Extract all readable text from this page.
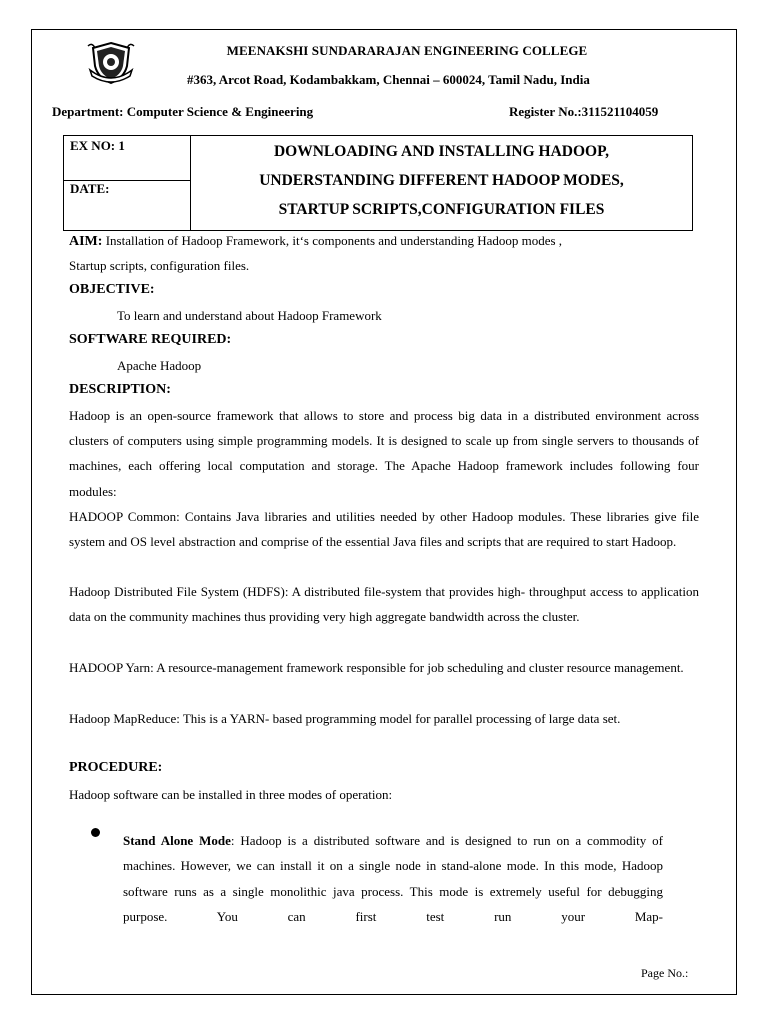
MEENAKSHI SUNDARARAJAN ENGINEERING COLLEGE
#363, Arcot Road, Kodambakkam, Chennai – 600024, Tamil Nadu, India
Department: Computer Science & Engineering	Register No.:311521104059
EX NO: 1
DATE:
DOWNLOADING AND INSTALLING HADOOP,
UNDERSTANDING DIFFERENT HADOOP MODES,
STARTUP SCRIPTS,CONFIGURATION FILES
AIM: Installation of Hadoop Framework, it‘s components and understanding Hadoop modes ,
Startup scripts, configuration files.
OBJECTIVE:
To learn and understand about Hadoop Framework
SOFTWARE REQUIRED:
Apache Hadoop
DESCRIPTION:
Hadoop is an open-source framework that allows to store and process big data in a distributed environment across clusters of computers using simple programming models. It is designed to scale up from single servers to thousands of machines, each offering local computation and storage. The Apache Hadoop framework includes following four modules:
HADOOP Common: Contains Java libraries and utilities needed by other Hadoop modules. These libraries give file system and OS level abstraction and comprise of the essential Java files and scripts that are required to start Hadoop.
Hadoop Distributed File System (HDFS): A distributed file-system that provides high- throughput access to application data on the community machines thus providing very high aggregate bandwidth across the cluster.
HADOOP Yarn: A resource-management framework responsible for job scheduling and cluster resource management.
Hadoop MapReduce: This is a YARN- based programming model for parallel processing of large data set.
PROCEDURE:
Hadoop software can be installed in three modes of operation:
Stand Alone Mode: Hadoop is a distributed software and is designed to run on a commodity of machines. However, we can install it on a single node in stand-alone mode. In this mode, Hadoop software runs as a single monolithic java process. This mode is extremely useful for debugging purpose. You can first test run your Map-
Page No.:
